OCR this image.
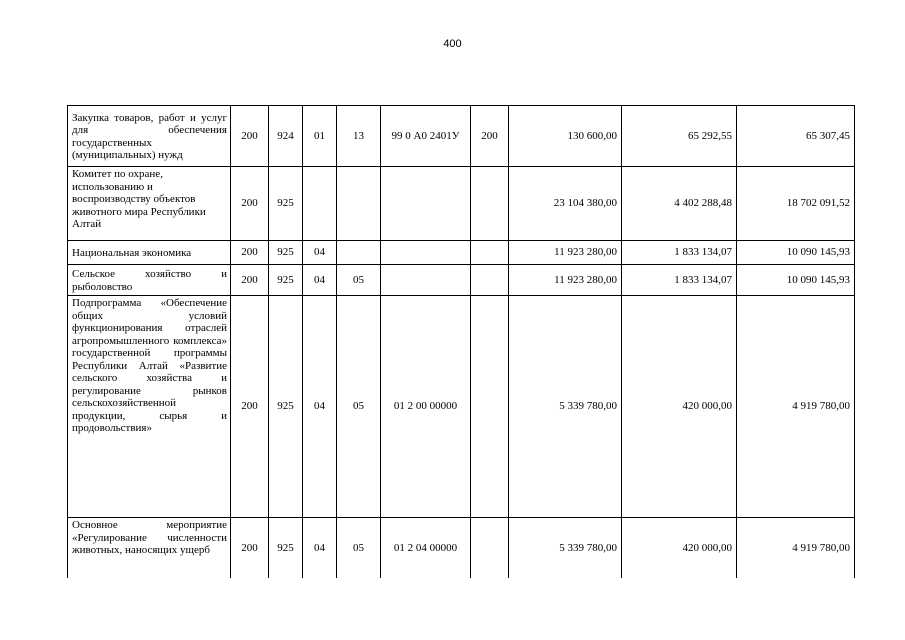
400
Закупка товаров, работ и услуг для обеспечения государственных (муниципальных) нужд	200	924	01	13	99 0 А0 2401У	200	130 600,00	65 292,55	65 307,45
Комитет по охране, использованию и воспроизводству объектов животного мира Республики Алтай	200	925					23 104 380,00	4 402 288,48	18 702 091,52
Национальная экономика	200	925	04				11 923 280,00	1 833 134,07	10 090 145,93
Сельское хозяйство и рыболовство	200	925	04	05			11 923 280,00	1 833 134,07	10 090 145,93
Подпрограмма «Обеспечение общих условий функционирования отраслей агропромышленного комплекса» государственной программы Республики Алтай «Развитие сельского хозяйства и регулирование рынков сельскохозяйственной продукции, сырья и продовольствия»	200	925	04	05	01 2 00 00000		5 339 780,00	420 000,00	4 919 780,00
Основное мероприятие «Регулирование численности животных, наносящих ущерб	200	925	04	05	01 2 04 00000		5 339 780,00	420 000,00	4 919 780,00
